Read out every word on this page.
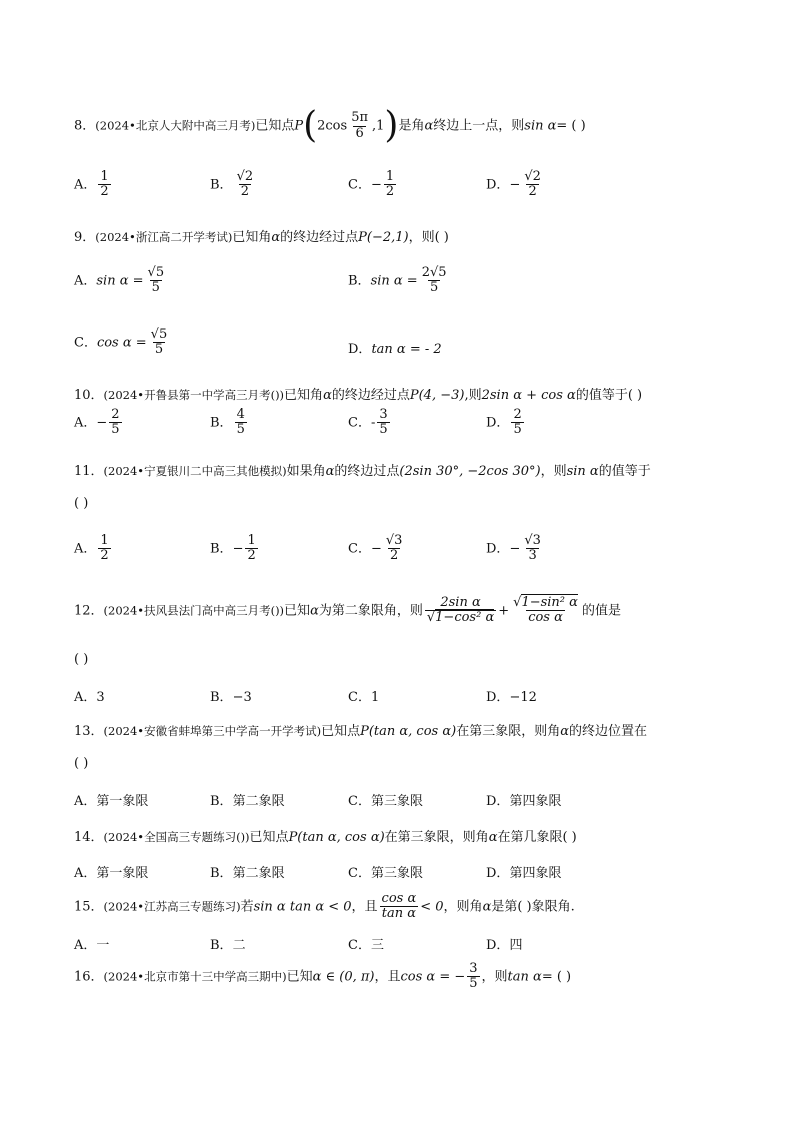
8．(2024•北京人大附中高三月考)已知点$P(2\cos \frac{5\pi}{6} ,1)$是角α终边上一点，则sin α= ( )
A． $\frac{1}{2}$	B． $\frac{√2}{2}$	C．− $\frac{1}{2}$	D．− $\frac{√2}{2}$
9．(2024•浙江高二开学考试)已知角α的终边经过点P(−2,1)，则( )
A．$\sin \alpha = \frac{√5}{5}$	B．$\sin \alpha = \frac{2√5}{5}$
C．$\cos \alpha = \frac{√5}{5}$	D．tan α = - 2
10．(2024•开鲁县第一中学高三月考())已知角α的终边经过点P(4, −3),则2sin α + cos α的值等于( )
A．− $\frac{2}{5}$	B． $\frac{4}{5}$	C．- $\frac{3}{5}$	D． $\frac{2}{5}$
11．(2024•宁夏银川二中高三其他模拟)如果角α的终边过点(2sin 30°, −2cos 30°)，则sin α的值等于
( )
A． $\frac{1}{2}$	B．− $\frac{1}{2}$	C．− $\frac{√3}{2}$	D．− $\frac{√3}{3}$
12．(2024•扶风县法门高中高三月考())已知α为第二象限角，则 $\frac{\text{2sin α}}{\text{√1−cos² α}} + \frac{\text{√1−sin² α}}{\text{cos α}}$ 的值是
( )
A．3	B．−3	C．1	D．−12
13．(2024•安徽省蚌埠第三中学高一开学考试)已知点P(tan α, cos α)在第三象限，则角α的终边位置在
( )
A．第一象限	B．第二象限	C．第三象限	D．第四象限
14．(2024•全国高三专题练习())已知点P(tan α, cos α)在第三象限，则角α在第几象限( )
A．第一象限	B．第二象限	C．第三象限	D．第四象限
15．(2024•江苏高三专题练习)若sin α tan α < 0，且 $\frac{\text{cos α}}{\text{tan α}} < 0$，则角α是第( )象限角.
A．一	B．二	C．三	D．四
16．(2024•北京市第十三中学高三期中)已知α ∈ (0, π)，且cos α = − $\frac{3}{5}$ ，则tan α= ( )
